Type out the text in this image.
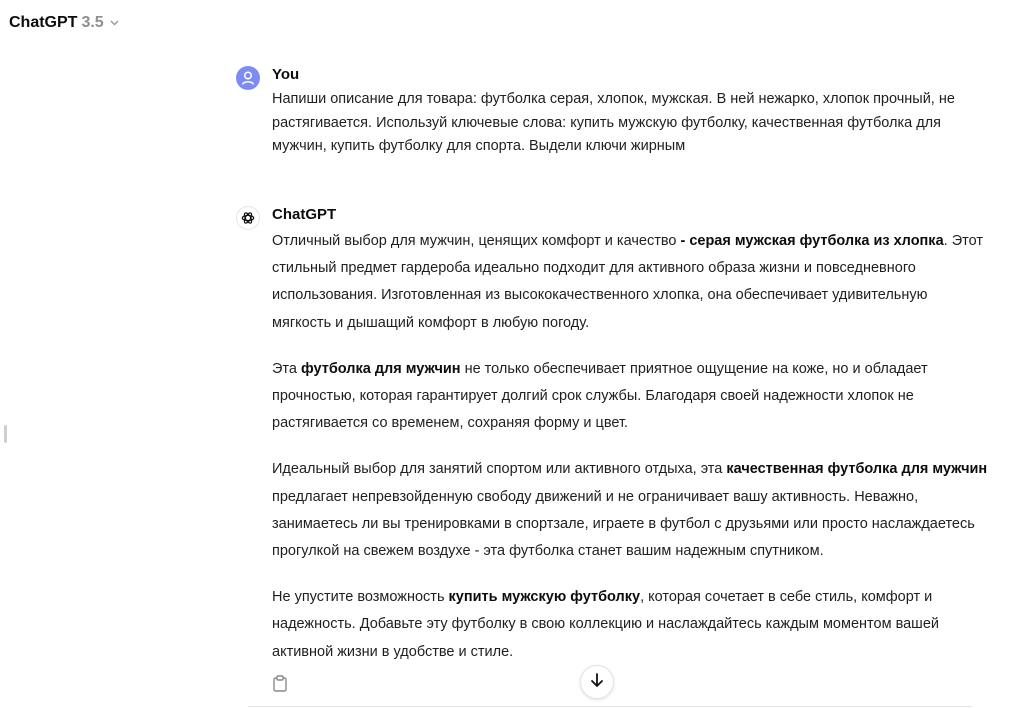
ChatGPT 3.5
You
Напиши описание для товара: футболка серая, хлопок, мужская. В ней нежарко, хлопок прочный, не растягивается. Используй ключевые слова: купить мужскую футболку, качественная футболка для мужчин, купить футболку для спорта. Выдели ключи жирным
ChatGPT

Отличный выбор для мужчин, ценящих комфорт и качество - серая мужская футболка из хлопка. Этот стильный предмет гардероба идеально подходит для активного образа жизни и повседневного использования. Изготовленная из высококачественного хлопка, она обеспечивает удивительную мягкость и дышащий комфорт в любую погоду.

Эта футболка для мужчин не только обеспечивает приятное ощущение на коже, но и обладает прочностью, которая гарантирует долгий срок службы. Благодаря своей надежности хлопок не растягивается со временем, сохраняя форму и цвет.

Идеальный выбор для занятий спортом или активного отдыха, эта качественная футболка для мужчин предлагает непревзойденную свободу движений и не ограничивает вашу активность. Неважно, занимаетесь ли вы тренировками в спортзале, играете в футбол с друзьями или просто наслаждаетесь прогулкой на свежем воздухе - эта футболка станет вашим надежным спутником.

Не упустите возможность купить мужскую футболку, которая сочетает в себе стиль, комфорт и надежность. Добавьте эту футболку в свою коллекцию и наслаждайтесь каждым моментом вашей активной жизни в удобстве и стиле.
